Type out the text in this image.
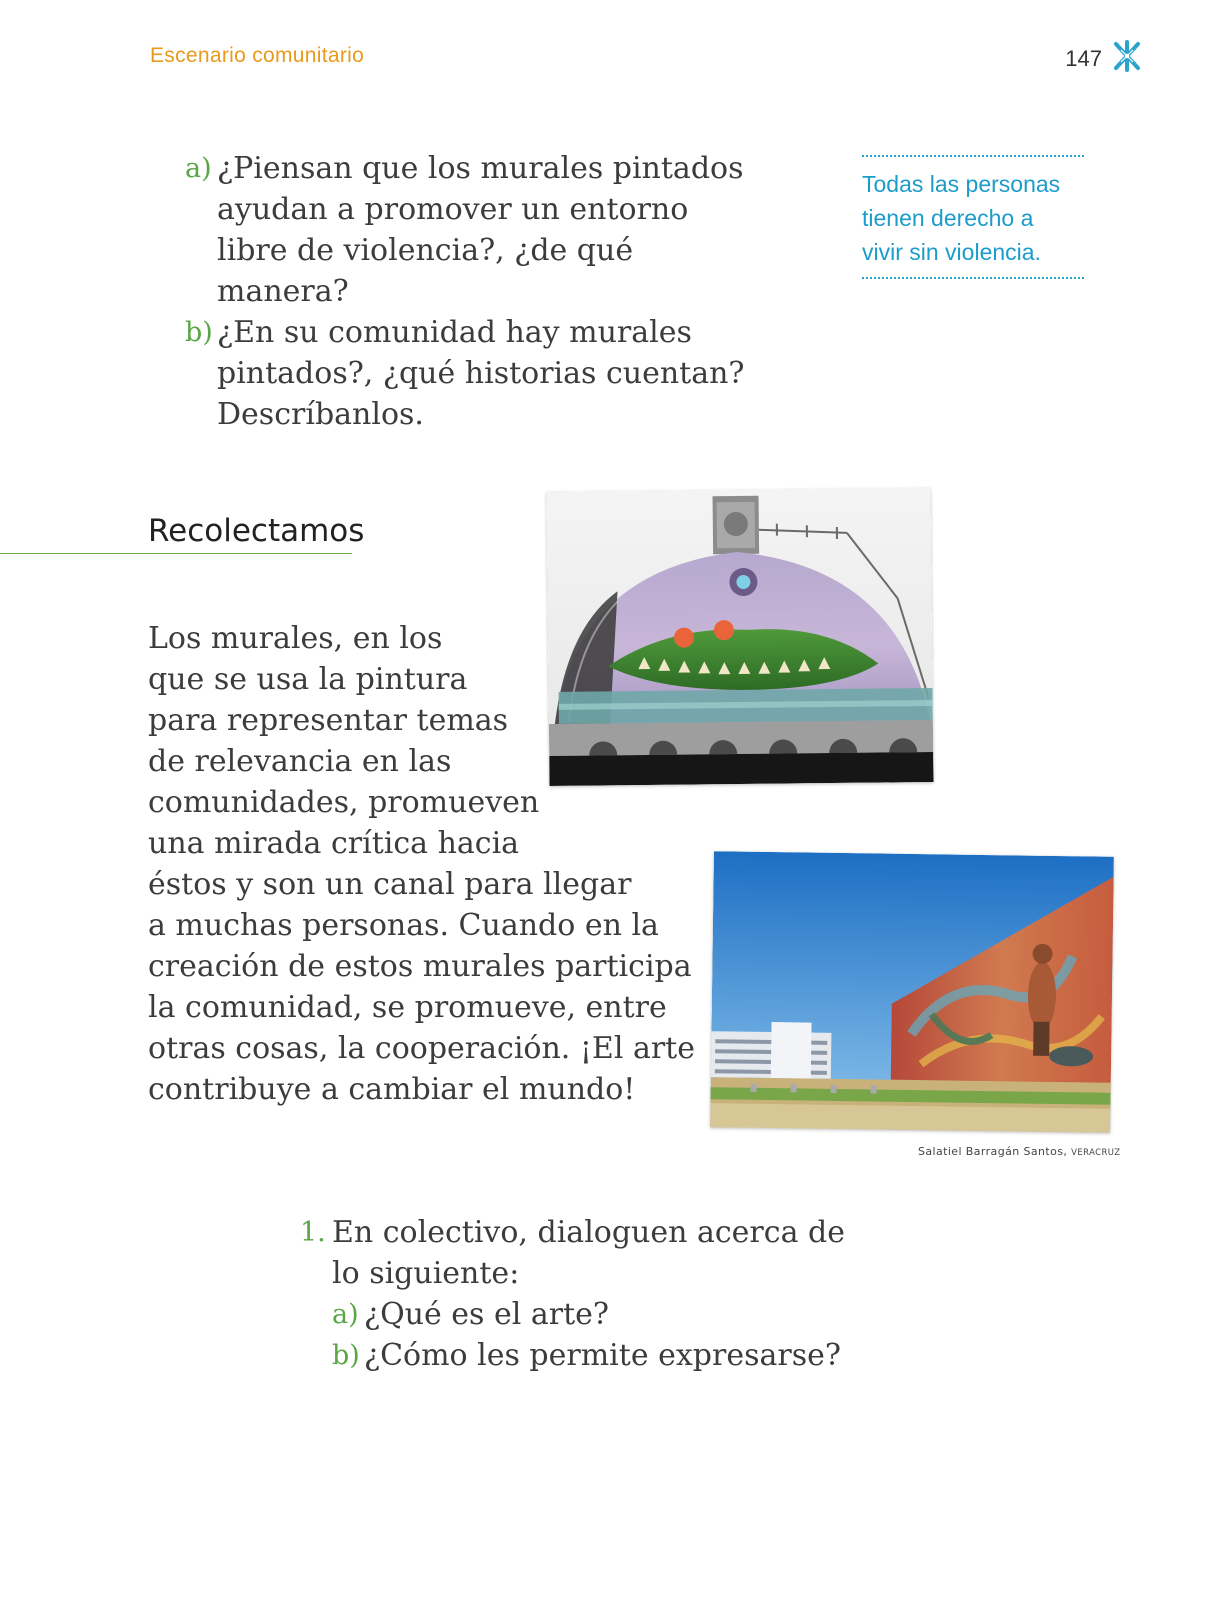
Escenario comunitario	147
a) ¿Piensan que los murales pintados
ayudan a promover un entorno
libre de violencia?, ¿de qué
manera?
b) ¿En su comunidad hay murales
pintados?, ¿qué historias cuentan?
Descríbanlos.
Todas las personas
tienen derecho a
vivir sin violencia.
Recolectamos
Los murales, en los
que se usa la pintura
para representar temas
de relevancia en las
comunidades, promueven
una mirada crítica hacia
éstos y son un canal para llegar
a muchas personas. Cuando en la
creación de estos murales participa
la comunidad, se promueve, entre
otras cosas, la cooperación. ¡El arte
contribuye a cambiar el mundo!
Salatiel Barragán Santos, VERACRUZ
1. En colectivo, dialoguen acerca de
lo siguiente:
a) ¿Qué es el arte?
b) ¿Cómo les permite expresarse?
